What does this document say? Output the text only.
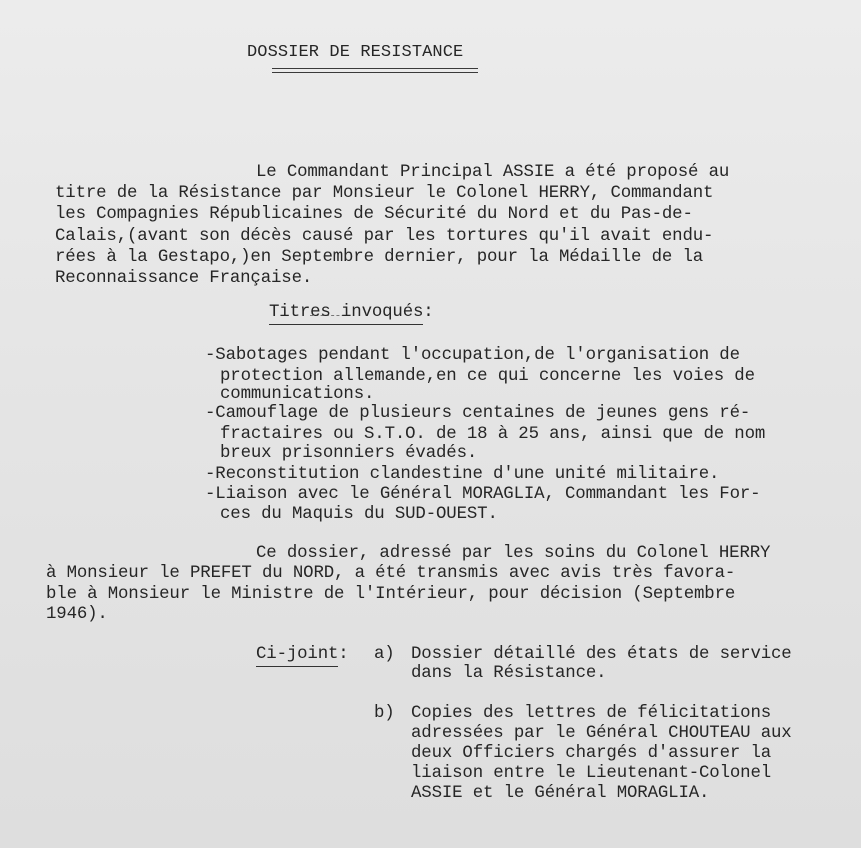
DOSSIER DE RESISTANCE
Le Commandant Principal ASSIE a été proposé au
titre de la Résistance par Monsieur le Colonel HERRY, Commandant
les Compagnies Républicaines de Sécurité du Nord et du Pas-de-
Calais,(avant son décès causé par les tortures qu'il avait endu-
rées à la Gestapo,)en Septembre dernier, pour la Médaille de la
Reconnaissance Française.
Titres invoqués:
-Sabotages pendant l'occupation,de l'organisation de
protection allemande,en ce qui concerne les voies de
communications.
-Camouflage de plusieurs centaines de jeunes gens ré-
fractaires ou S.T.O. de 18 à 25 ans, ainsi que de nom
breux prisonniers évadés.
-Reconstitution clandestine d'une unité militaire.
-Liaison avec le Général MORAGLIA, Commandant les For-
ces du Maquis du SUD-OUEST.
Ce dossier, adressé par les soins du Colonel HERRY
à Monsieur le PREFET du NORD, a été transmis avec avis très favora-
ble à Monsieur le Ministre de l'Intérieur, pour décision (Septembre
1946).
Ci-joint: a) Dossier détaillé des états de service
dans la Résistance.
b) Copies des lettres de félicitations
adressées par le Général CHOUTEAU aux
deux Officiers chargés d'assurer la
liaison entre le Lieutenant-Colonel
ASSIE et le Général MORAGLIA.
